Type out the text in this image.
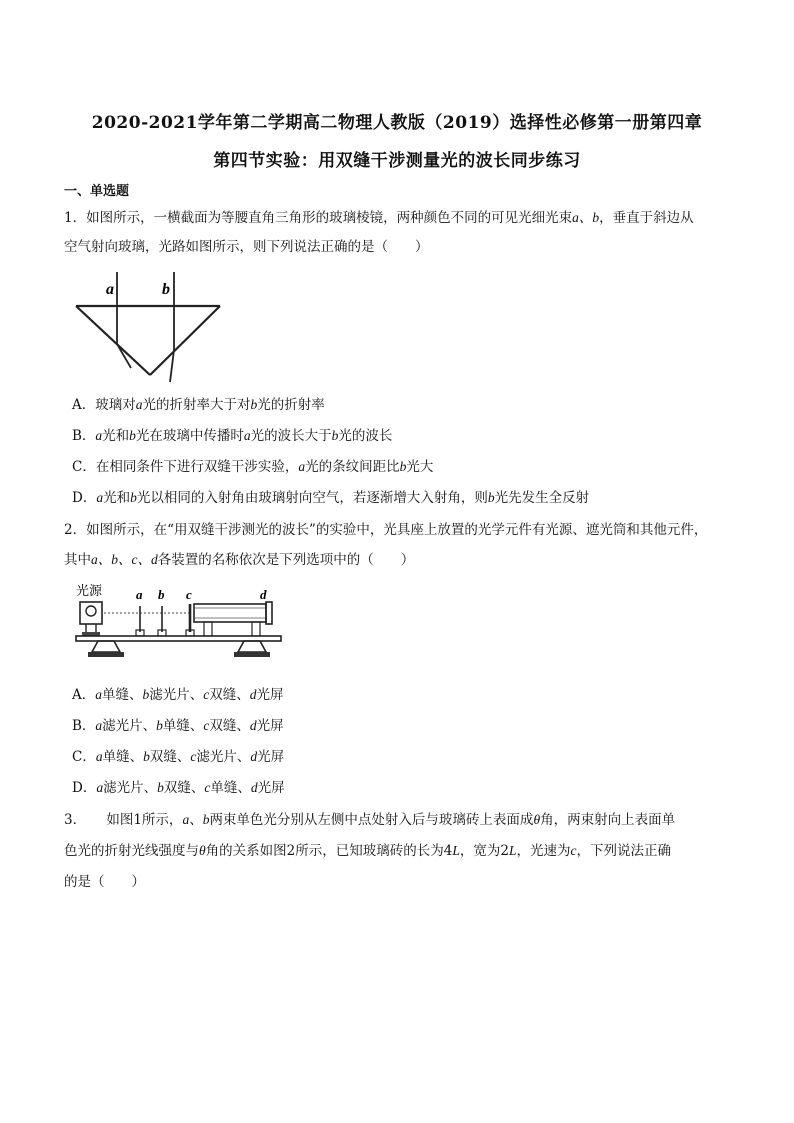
2020-2021学年第二学期高二物理人教版（2019）选择性必修第一册第四章
第四节实验：用双缝干涉测量光的波长同步练习
一、单选题
1．如图所示，一横截面为等腰直角三角形的玻璃棱镜，两种颜色不同的可见光细光束a、b，垂直于斜边从
空气射向玻璃，光路如图所示，则下列说法正确的是（　　）
a	b
A．玻璃对a光的折射率大于对b光的折射率
B．a光和b光在玻璃中传播时a光的波长大于b光的波长
C．在相同条件下进行双缝干涉实验，a光的条纹间距比b光大
D．a光和b光以相同的入射角由玻璃射向空气，若逐渐增大入射角，则b光先发生全反射
2．如图所示，在“用双缝干涉测光的波长”的实验中，光具座上放置的光学元件有光源、遮光筒和其他元件，
其中a、b、c、d各装置的名称依次是下列选项中的（　　）
光源	a b c	d
A．a单缝、b滤光片、c双缝、d光屏
B．a滤光片、b单缝、c双缝、d光屏
C．a单缝、b双缝、c滤光片、d光屏
D．a滤光片、b双缝、c单缝、d光屏
3．　　如图1所示，a、b两束单色光分别从左侧中点处射入后与玻璃砖上表面成θ角，两束射向上表面单
色光的折射光线强度与θ角的关系如图2所示，已知玻璃砖的长为4L，宽为2L，光速为c，下列说法正确
的是（　　）
